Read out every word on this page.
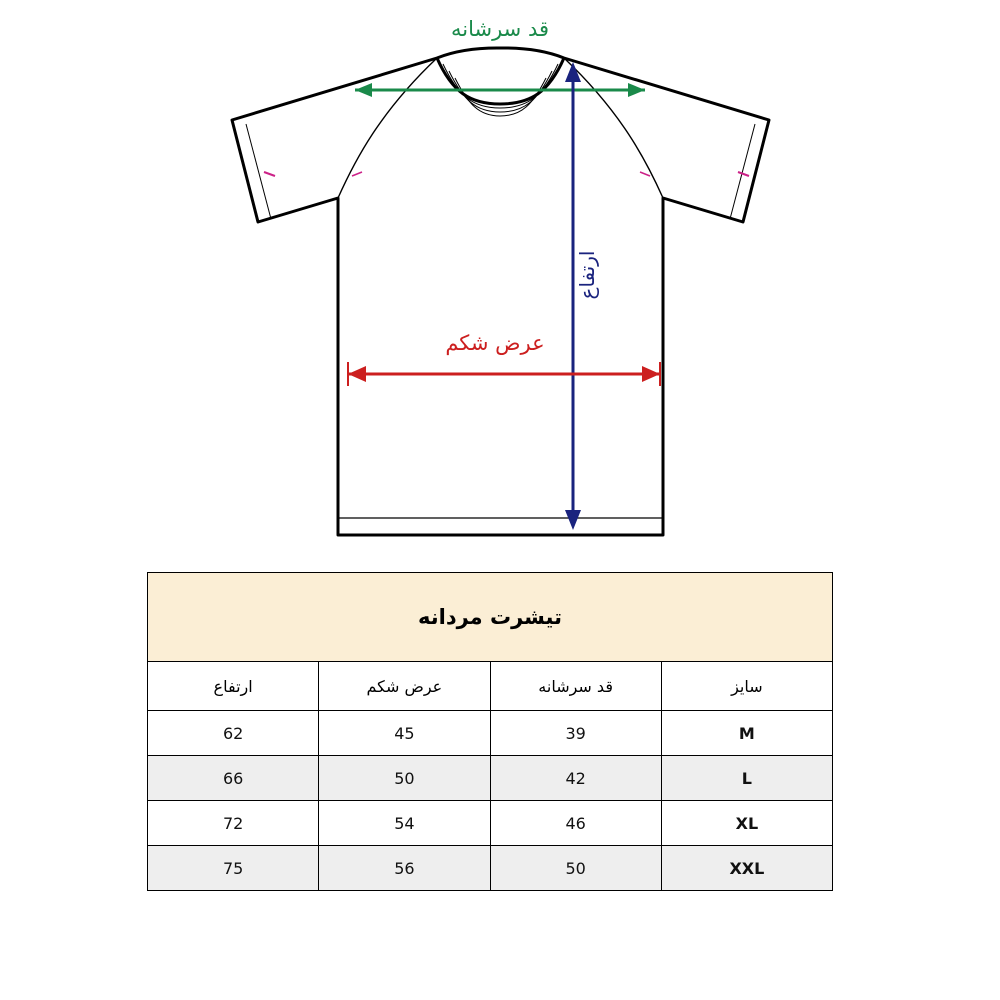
قد سرشانه
ارتفاع
عرض شکم
تیشرت مردانه			
سایز	قد سرشانه	عرض شکم	ارتفاع
M	39	45	62
L	42	50	66
XL	46	54	72
XXL	50	56	75
